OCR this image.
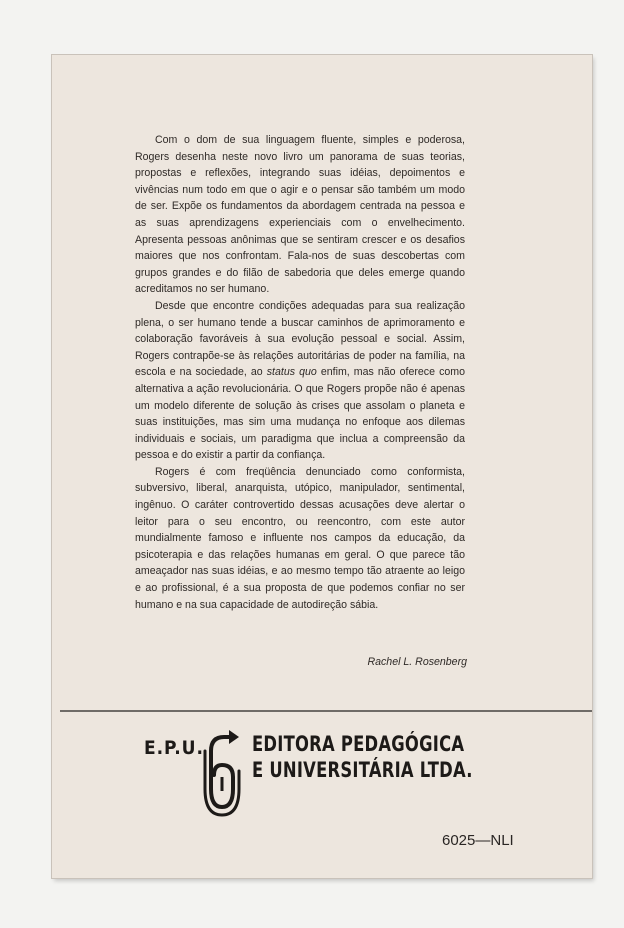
Com o dom de sua linguagem fluente, simples e poderosa, Rogers desenha neste novo livro um panorama de suas teorias, propostas e reflexões, integrando suas idéias, depoimentos e vivências num todo em que o agir e o pensar são também um modo de ser. Expõe os fundamentos da abordagem centrada na pessoa e as suas aprendizagens experienciais com o envelhecimento. Apresenta pessoas anônimas que se sentiram crescer e os desafios maiores que nos confrontam. Fala-nos de suas descobertas com grupos grandes e do filão de sabedoria que deles emerge quando acreditamos no ser humano.

Desde que encontre condições adequadas para sua realização plena, o ser humano tende a buscar caminhos de aprimoramento e colaboração favoráveis à sua evolução pessoal e social. Assim, Rogers contrapõe-se às relações autoritárias de poder na família, na escola e na sociedade, ao status quo enfim, mas não oferece como alternativa a ação revolucionária. O que Rogers propõe não é apenas um modelo diferente de solução às crises que assolam o planeta e suas instituições, mas sim uma mudança no enfoque aos dilemas individuais e sociais, um paradigma que inclua a compreensão da pessoa e do existir a partir da confiança.

Rogers é com freqüência denunciado como conformista, subversivo, liberal, anarquista, utópico, manipulador, sentimental, ingênuo. O caráter controvertido dessas acusações deve alertar o leitor para o seu encontro, ou reencontro, com este autor mundialmente famoso e influente nos campos da educação, da psicoterapia e das relações humanas em geral. O que parece tão ameaçador nas suas idéias, e ao mesmo tempo tão atraente ao leigo e ao profissional, é a sua proposta de que podemos confiar no ser humano e na sua capacidade de autodireção sábia.

Rachel L. Rosenberg
E.P.U. EDITORA PEDAGÓGICA
E UNIVERSITÁRIA LTDA.
6025—NLI
